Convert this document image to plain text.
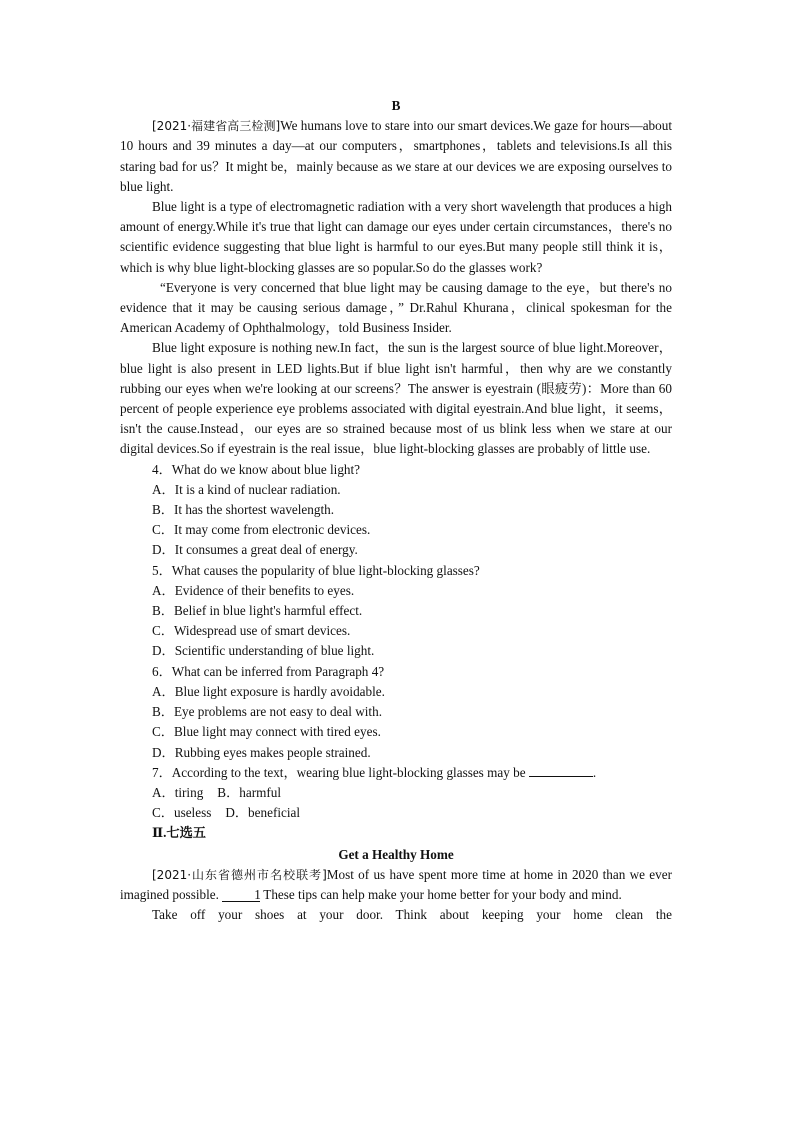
B

[2021·福建省高三检测]We humans love to stare into our smart devices.We gaze for hours—about 10 hours and 39 minutes a day—at our computers，smartphones，tablets and televisions.Is all this staring bad for us？It might be，mainly because as we stare at our devices we are exposing ourselves to blue light.

Blue light is a type of electromagnetic radiation with a very short wavelength that produces a high amount of energy.While it's true that light can damage our eyes under certain circumstances，there's no scientific evidence suggesting that blue light is harmful to our eyes.But many people still think it is，which is why blue light-blocking glasses are so popular.So do the glasses work?

“Everyone is very concerned that blue light may be causing damage to the eye，but there's no evidence that it may be causing serious damage，” Dr.Rahul Khurana，clinical spokesman for the American Academy of Ophthalmology，told Business Insider.

Blue light exposure is nothing new.In fact，the sun is the largest source of blue light.Moreover，blue light is also present in LED lights.But if blue light isn't harmful，then why are we constantly rubbing our eyes when we're looking at our screens？The answer is eyestrain (眼疲劳)：More than 60 percent of people experience eye problems associated with digital eyestrain.And blue light，it seems，isn't the cause.Instead，our eyes are so strained because most of us blink less when we stare at our digital devices.So if eyestrain is the real issue，blue light-blocking glasses are probably of little use.

4．What do we know about blue light?
A．It is a kind of nuclear radiation.
B．It has the shortest wavelength.
C．It may come from electronic devices.
D．It consumes a great deal of energy.
5．What causes the popularity of blue light-blocking glasses?
A．Evidence of their benefits to eyes.
B．Belief in blue light's harmful effect.
C．Widespread use of smart devices.
D．Scientific understanding of blue light.
6．What can be inferred from Paragraph 4?
A．Blue light exposure is hardly avoidable.
B．Eye problems are not easy to deal with.
C．Blue light may connect with tired eyes.
D．Rubbing eyes makes people strained.
7．According to the text，wearing blue light-blocking glasses may be	.
A．tiring B．harmful
C．useless D．beneficial
Ⅱ.七选五
Get a Healthy Home

[2021·山东省德州市名校联考]Most of us have spent more time at home in 2020 than we ever imagined possible.	1 These tips can help make your home better for your body and mind.

Take off your shoes at your door. Think about keeping your home clean the
